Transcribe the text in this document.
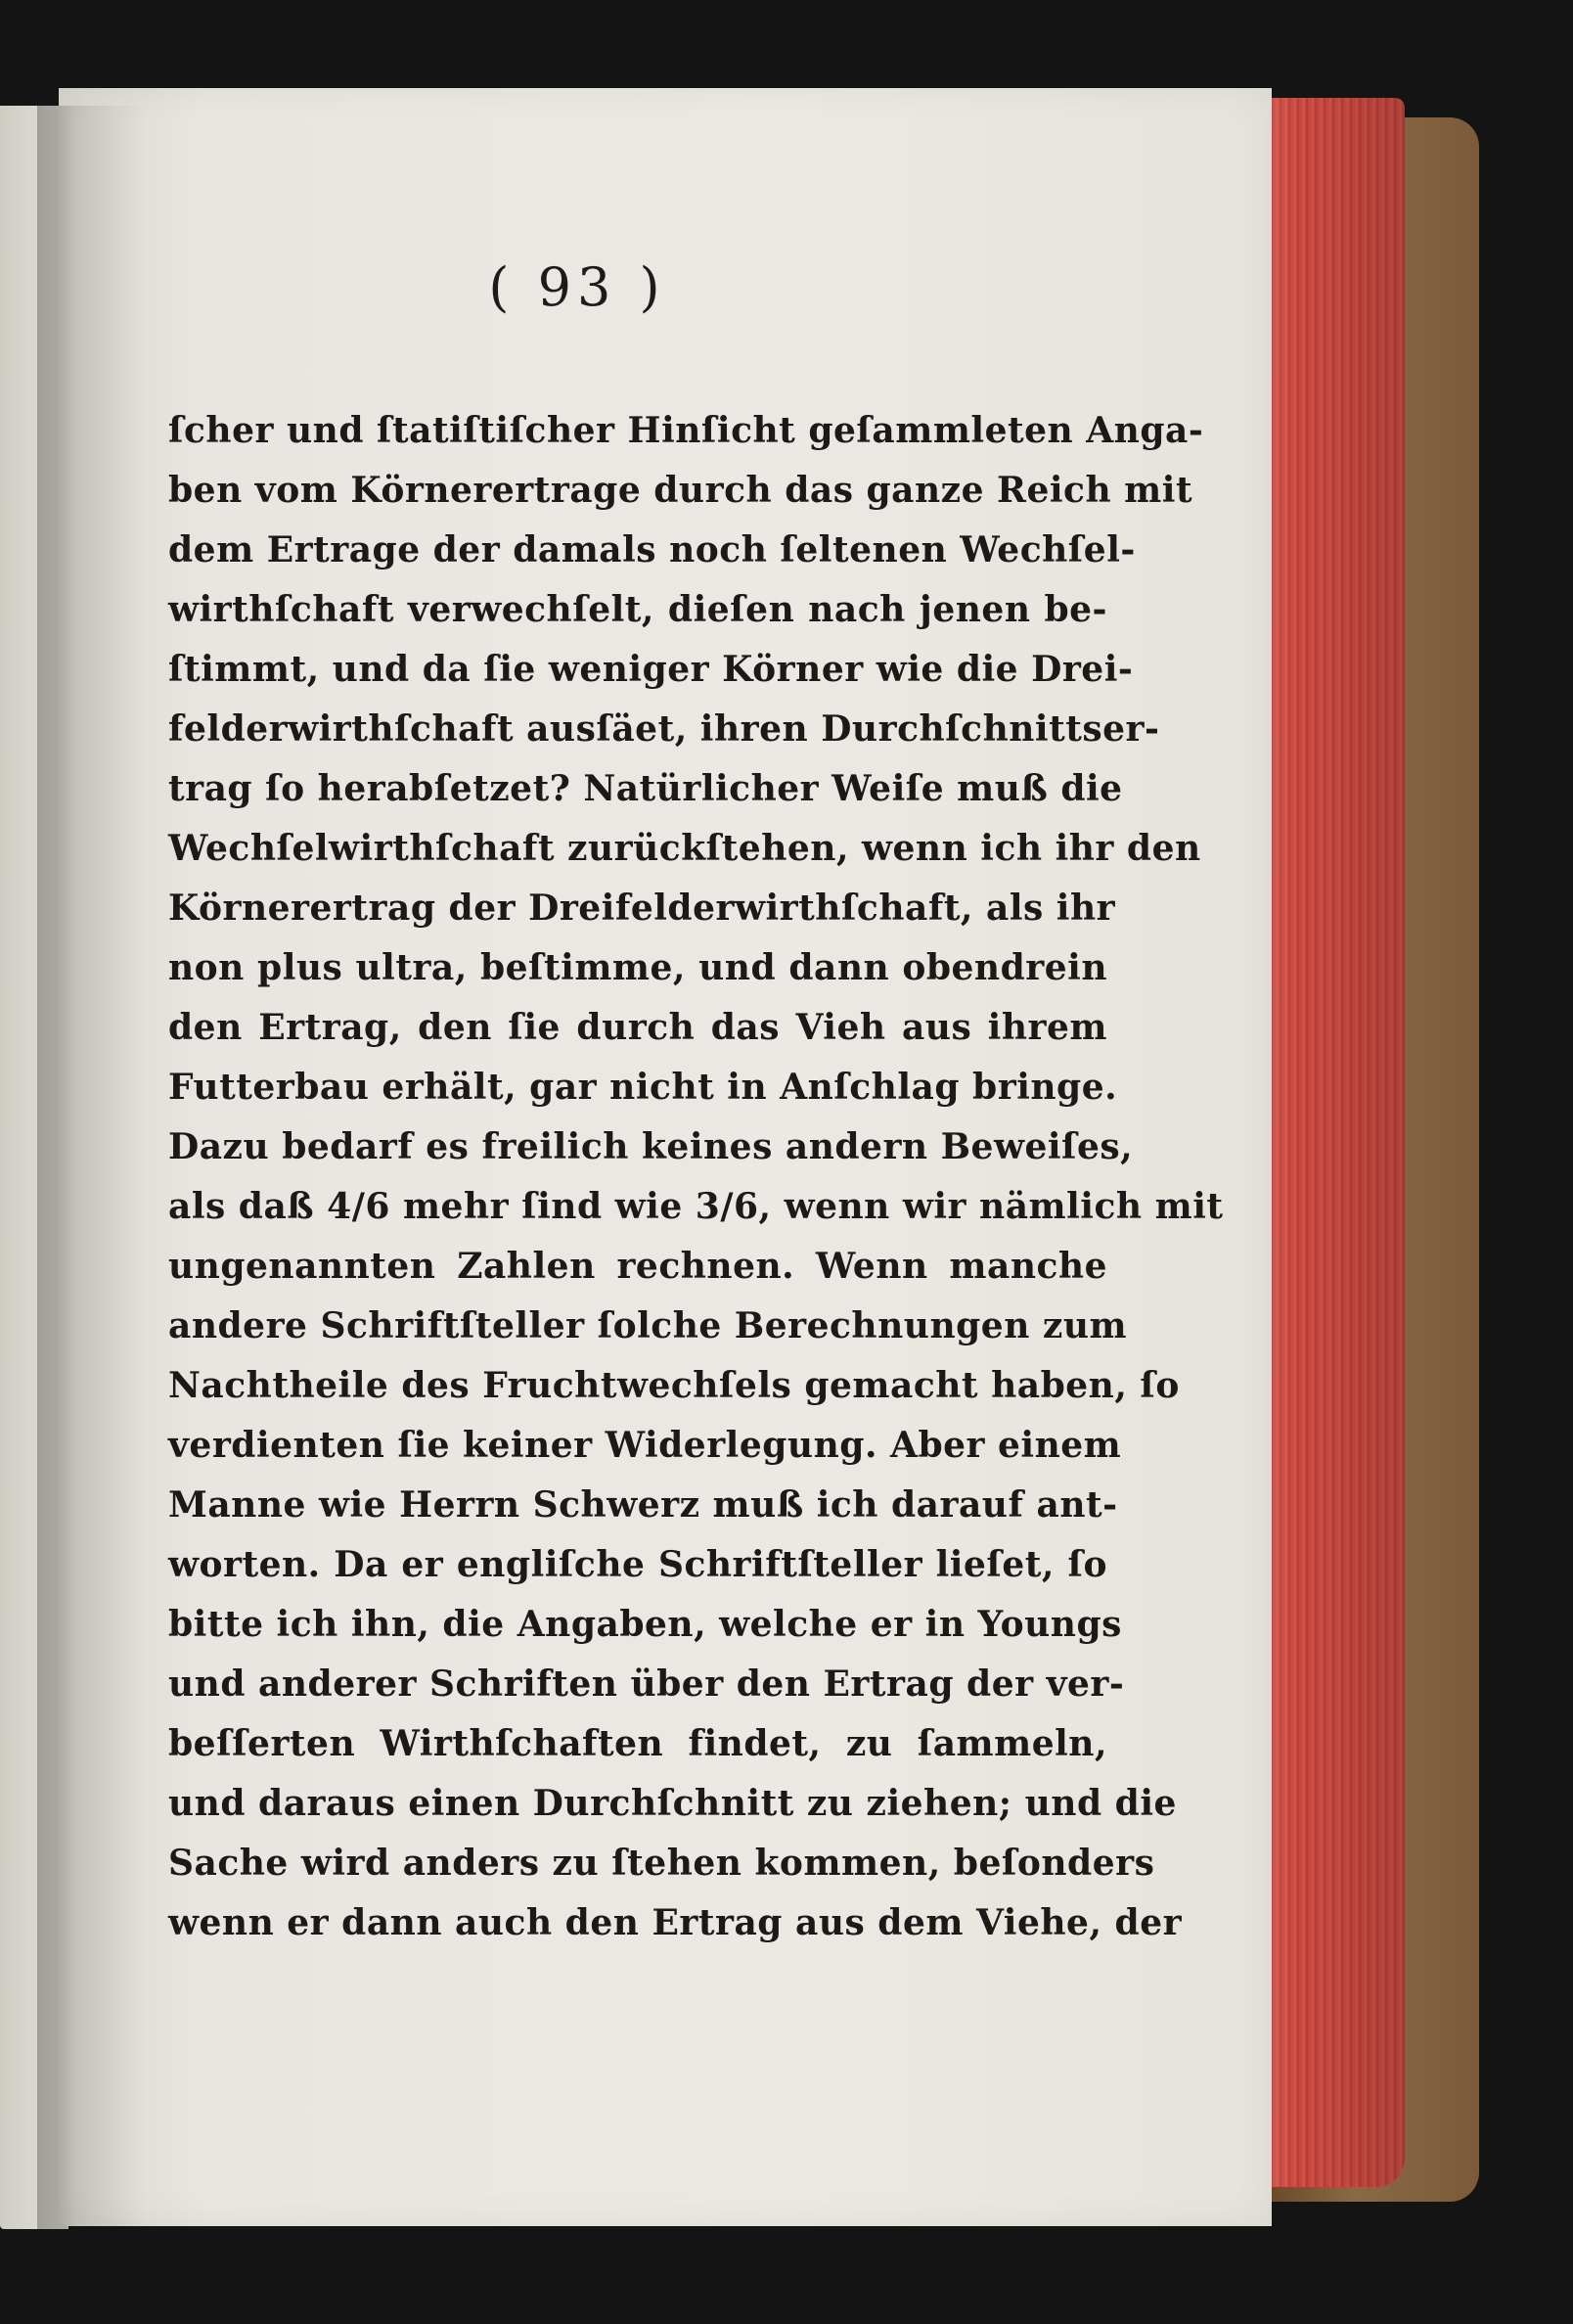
( 93 )
ſcher und ſtatiſtiſcher Hinſicht geſammleten Anga-
ben vom Körnerertrage durch das ganze Reich mit
dem Ertrage der damals noch ſeltenen Wechſel-
wirthſchaft verwechſelt, dieſen nach jenen be-
ſtimmt, und da ſie weniger Körner wie die Drei-
felderwirthſchaft ausſäet, ihren Durchſchnittser-
trag ſo herabſetzet? Natürlicher Weiſe muß die
Wechſelwirthſchaft zurückſtehen, wenn ich ihr den
Körnerertrag der Dreifelderwirthſchaft, als ihr
non plus ultra, beſtimme, und dann obendrein
den Ertrag, den ſie durch das Vieh aus ihrem
Futterbau erhält, gar nicht in Anſchlag bringe.
Dazu bedarf es freilich keines andern Beweiſes,
als daß 4/6 mehr ſind wie 3/6, wenn wir nämlich mit
ungenannten Zahlen rechnen. Wenn manche
andere Schriftſteller ſolche Berechnungen zum
Nachtheile des Fruchtwechſels gemacht haben, ſo
verdienten ſie keiner Widerlegung. Aber einem
Manne wie Herrn Schwerz muß ich darauf ant-
worten. Da er engliſche Schriftſteller lieſet, ſo
bitte ich ihn, die Angaben, welche er in Youngs
und anderer Schriften über den Ertrag der ver-
beſſerten Wirthſchaften findet, zu ſammeln,
und daraus einen Durchſchnitt zu ziehen; und die
Sache wird anders zu ſtehen kommen, beſonders
wenn er dann auch den Ertrag aus dem Viehe, der
